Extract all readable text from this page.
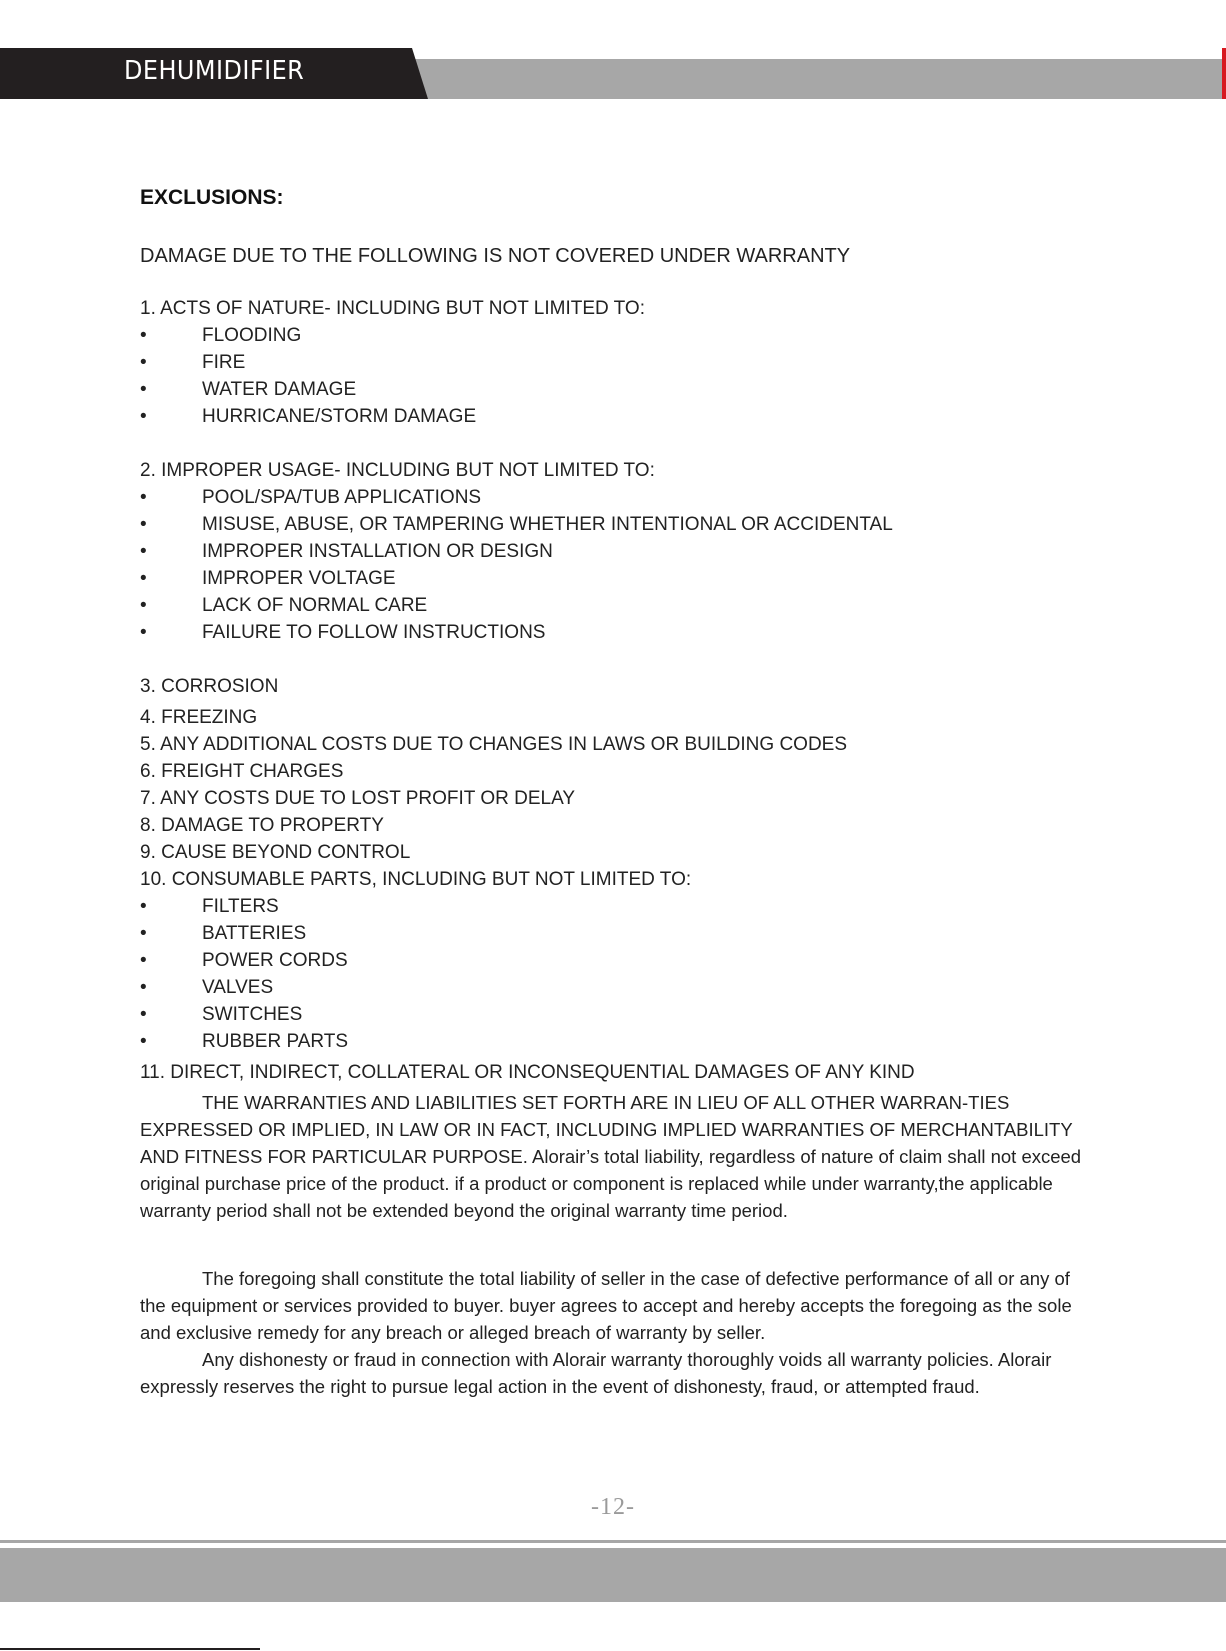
DEHUMIDIFIER
EXCLUSIONS:
DAMAGE DUE TO THE FOLLOWING IS NOT COVERED UNDER WARRANTY
1. ACTS OF NATURE- INCLUDING BUT NOT LIMITED TO:
•	FLOODING
•	FIRE
•	WATER DAMAGE
•	HURRICANE/STORM DAMAGE
2. IMPROPER USAGE- INCLUDING BUT NOT LIMITED TO:
•	POOL/SPA/TUB APPLICATIONS
•	MISUSE, ABUSE, OR TAMPERING WHETHER INTENTIONAL OR ACCIDENTAL
•	IMPROPER INSTALLATION OR DESIGN
•	IMPROPER VOLTAGE
•	LACK OF NORMAL CARE
•	FAILURE TO FOLLOW INSTRUCTIONS
3. CORROSION
4. FREEZING
5. ANY ADDITIONAL COSTS DUE TO CHANGES IN LAWS OR BUILDING CODES
6. FREIGHT CHARGES
7. ANY COSTS DUE TO LOST PROFIT OR DELAY
8. DAMAGE TO PROPERTY
9. CAUSE BEYOND CONTROL
10. CONSUMABLE PARTS, INCLUDING BUT NOT LIMITED TO:
•	FILTERS
•	BATTERIES
•	POWER CORDS
•	VALVES
•	SWITCHES
•	RUBBER PARTS
11. DIRECT, INDIRECT, COLLATERAL OR INCONSEQUENTIAL DAMAGES OF ANY KIND
THE WARRANTIES AND LIABILITIES SET FORTH ARE IN LIEU OF ALL OTHER WARRAN-TIES EXPRESSED OR IMPLIED, IN LAW OR IN FACT, INCLUDING IMPLIED WARRANTIES OF MERCHANTABILITY AND FITNESS FOR PARTICULAR PURPOSE. Alorair’s total liability, regardless of nature of claim shall not exceed original purchase price of the product. if a product or component is replaced while under warranty,the applicable warranty period shall not be extended beyond the original warranty time period.
The foregoing shall constitute the total liability of seller in the case of defective performance of all or any of the equipment or services provided to buyer. buyer agrees to accept and hereby accepts the foregoing as the sole and exclusive remedy for any breach or alleged breach of warranty by seller.
Any dishonesty or fraud in connection with Alorair warranty thoroughly voids all warranty policies. Alorair expressly reserves the right to pursue legal action in the event of dishonesty, fraud, or attempted fraud.
-12-
